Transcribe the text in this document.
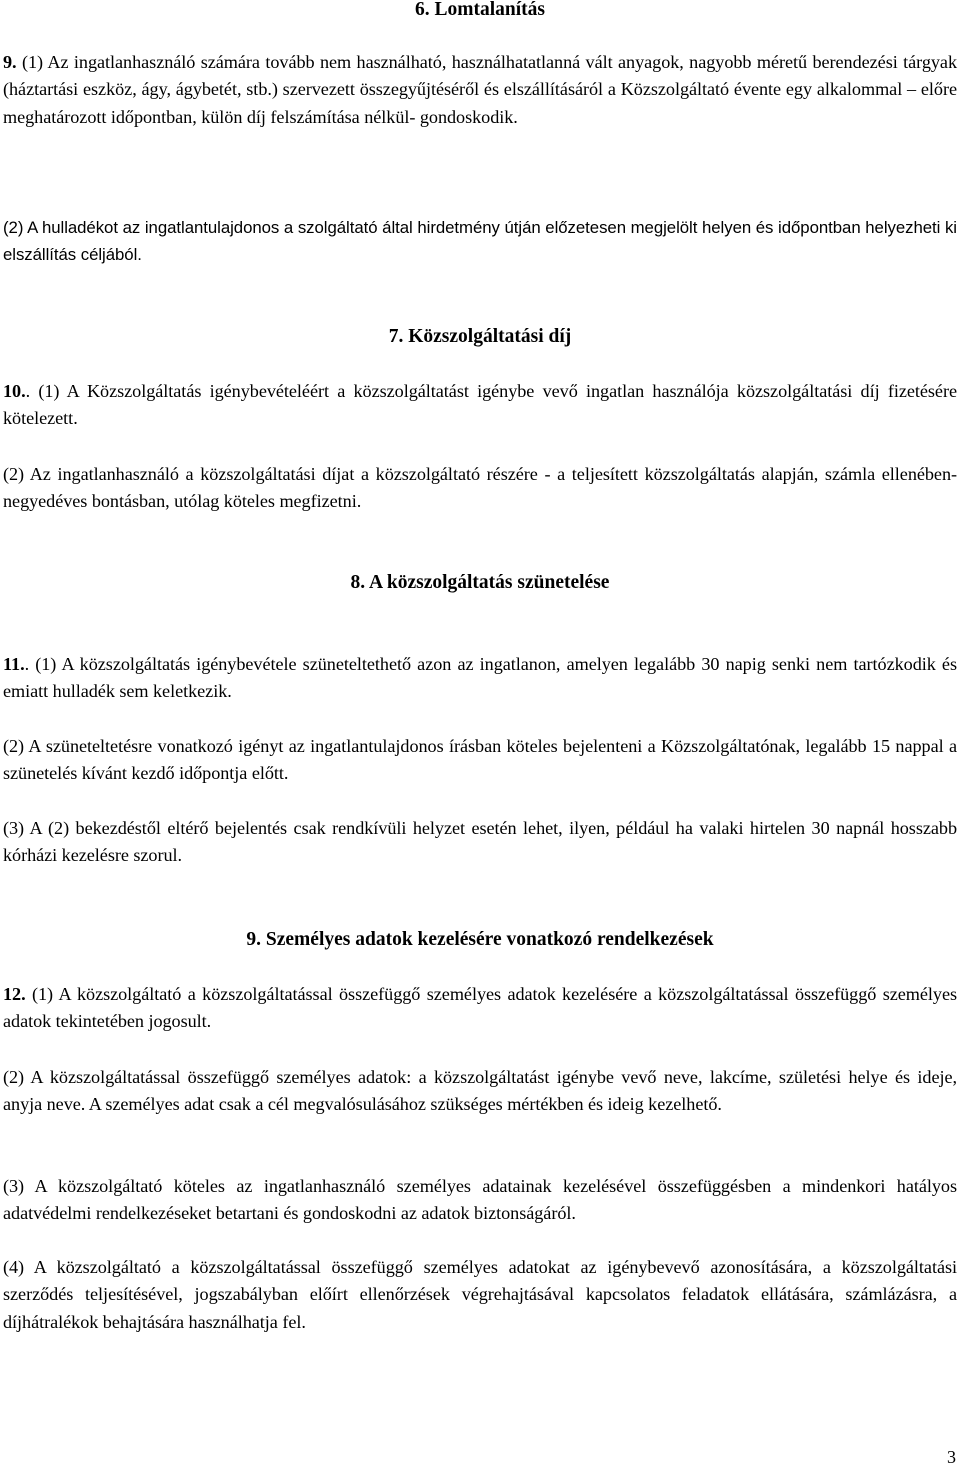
6. Lomtalanítás

9. (1) Az ingatlanhasználó számára tovább nem használható, használhatatlanná vált anyagok, nagyobb méretű berendezési tárgyak (háztartási eszköz, ágy, ágybetét, stb.) szervezett összegyűjtéséről és elszállításáról a Közszolgáltató évente egy alkalommal – előre meghatározott időpontban, külön díj felszámítása nélkül- gondoskodik.

(2) A hulladékot az ingatlantulajdonos a szolgáltató által hirdetmény útján előzetesen megjelölt helyen és időpontban helyezheti ki elszállítás céljából.

7. Közszolgáltatási díj

10.. (1) A Közszolgáltatás igénybevételéért a közszolgáltatást igénybe vevő ingatlan használója közszolgáltatási díj fizetésére kötelezett.

(2) Az ingatlanhasználó a közszolgáltatási díjat a közszolgáltató részére - a teljesített közszolgáltatás alapján, számla ellenében- negyedéves bontásban, utólag köteles megfizetni.

8. A közszolgáltatás szünetelése

11.. (1) A közszolgáltatás igénybevétele szüneteltethető azon az ingatlanon, amelyen legalább 30 napig senki nem tartózkodik és emiatt hulladék sem keletkezik.

(2) A szüneteltetésre vonatkozó igényt az ingatlantulajdonos írásban köteles bejelenteni a Közszolgáltatónak, legalább 15 nappal a szünetelés kívánt kezdő időpontja előtt.

(3) A (2) bekezdéstől eltérő bejelentés csak rendkívüli helyzet esetén lehet, ilyen, például ha valaki hirtelen 30 napnál hosszabb kórházi kezelésre szorul.

9. Személyes adatok kezelésére vonatkozó rendelkezések

12. (1) A közszolgáltató a közszolgáltatással összefüggő személyes adatok kezelésére a közszolgáltatással összefüggő személyes adatok tekintetében jogosult.

(2) A közszolgáltatással összefüggő személyes adatok: a közszolgáltatást igénybe vevő neve, lakcíme, születési helye és ideje, anyja neve. A személyes adat csak a cél megvalósulásához szükséges mértékben és ideig kezelhető.

(3) A közszolgáltató köteles az ingatlanhasználó személyes adatainak kezelésével összefüggésben a mindenkori hatályos adatvédelmi rendelkezéseket betartani és gondoskodni az adatok biztonságáról.

(4) A közszolgáltató a közszolgáltatással összefüggő személyes adatokat az igénybevevő azonosítására, a közszolgáltatási szerződés teljesítésével, jogszabályban előírt ellenőrzések végrehajtásával kapcsolatos feladatok ellátására, számlázásra, a díjhátralékok behajtására használhatja fel.

3
